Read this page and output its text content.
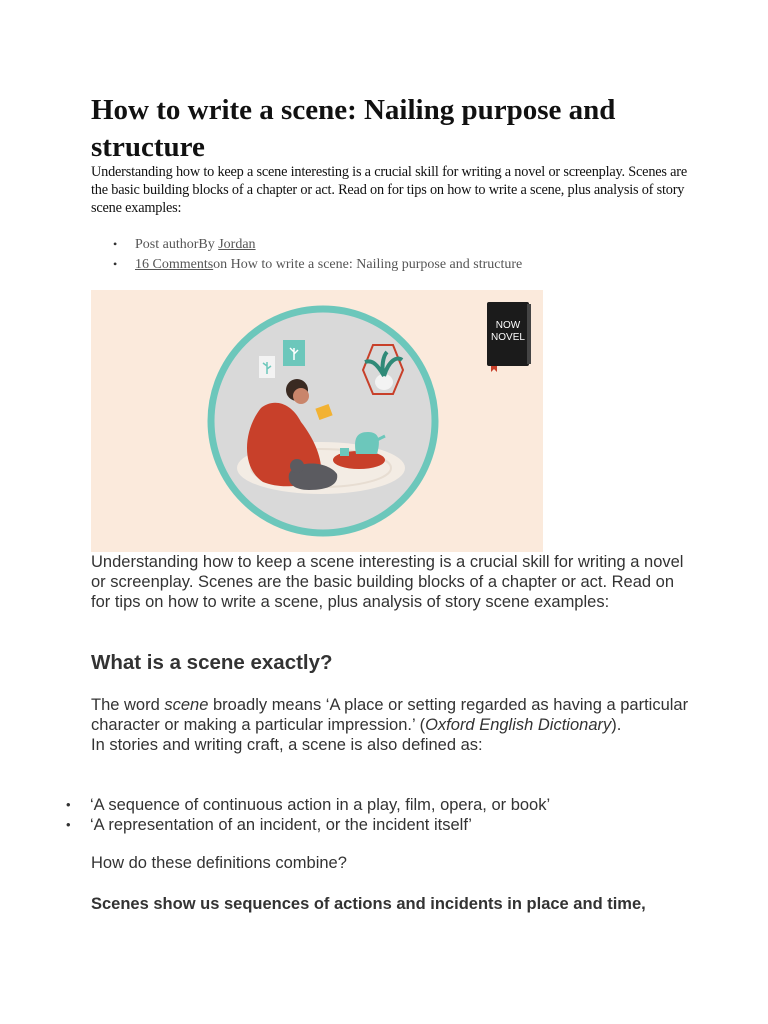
How to write a scene: Nailing purpose and structure

Understanding how to keep a scene interesting is a crucial skill for writing a novel or screenplay. Scenes are the basic building blocks of a chapter or act. Read on for tips on how to write a scene, plus analysis of story scene examples:

• Post authorBy Jordan
• 16 Commentson How to write a scene: Nailing purpose and structure
NOW
NOVEL

Understanding how to keep a scene interesting is a crucial skill for writing a novel or screenplay. Scenes are the basic building blocks of a chapter or act. Read on for tips on how to write a scene, plus analysis of story scene examples:

What is a scene exactly?

The word scene broadly means ‘A place or setting regarded as having a particular character or making a particular impression.’ (Oxford English Dictionary).
In stories and writing craft, a scene is also defined as:

• ‘A sequence of continuous action in a play, film, opera, or book’
• ‘A representation of an incident, or the incident itself’

How do these definitions combine?

Scenes show us sequences of actions and incidents in place and time,
